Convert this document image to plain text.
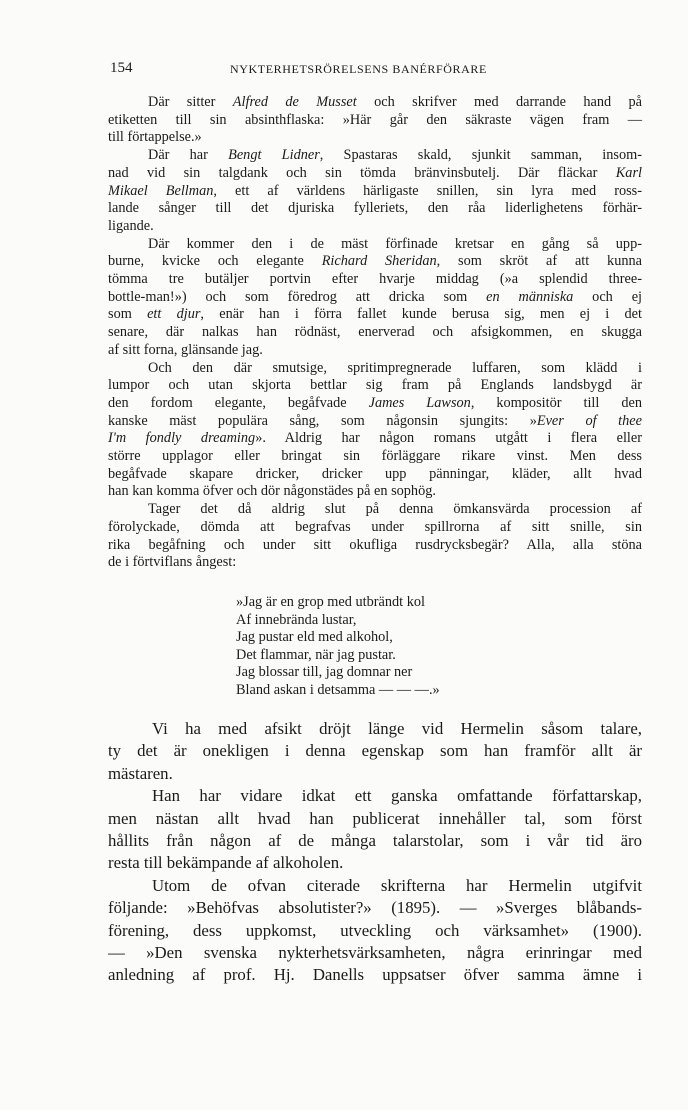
154	NYKTERHETSRÖRELSENS BANÉRFÖRARE
Där sitter Alfred de Musset och skrifver med darrande hand på
etiketten till sin absinthflaska: »Här går den säkraste vägen fram —
till förtappelse.»
Där har Bengt Lidner, Spastaras skald, sjunkit samman, insom-
nad vid sin talgdank och sin tömda bränvinsbutelj. Där fläckar Karl
Mikael Bellman, ett af världens härligaste snillen, sin lyra med ross-
lande sånger till det djuriska fylleriets, den råa liderlighetens förhär-
ligande.
Där kommer den i de mäst förfinade kretsar en gång så upp-
burne, kvicke och elegante Richard Sheridan, som skröt af att kunna
tömma tre butäljer portvin efter hvarje middag (»a splendid three-
bottle-man!») och som föredrog att dricka som en människa och ej
som ett djur, enär han i förra fallet kunde berusa sig, men ej i det
senare, där nalkas han rödnäst, enerverad och afsigkommen, en skugga
af sitt forna, glänsande jag.
Och den där smutsige, spritimpregnerade luffaren, som klädd i
lumpor och utan skjorta bettlar sig fram på Englands landsbygd är
den fordom elegante, begåfvade James Lawson, kompositör till den
kanske mäst populära sång, som någonsin sjungits: »Ever of thee
I'm fondly dreaming». Aldrig har någon romans utgått i flera eller
större upplagor eller bringat sin förläggare rikare vinst. Men dess
begåfvade skapare dricker, dricker upp pänningar, kläder, allt hvad
han kan komma öfver och dör någonstädes på en sophög.
Tager det då aldrig slut på denna ömkansvärda procession af
förolyckade, dömda att begrafvas under spillrorna af sitt snille, sin
rika begåfning och under sitt okufliga rusdrycksbegär? Alla, alla stöna
de i förtviflans ångest:
»Jag är en grop med utbrändt kol
Af innebrända lustar,
Jag pustar eld med alkohol,
Det flammar, när jag pustar.
Jag blossar till, jag domnar ner
Bland askan i detsamma — — —.»
Vi ha med afsikt dröjt länge vid Hermelin såsom talare,
ty det är onekligen i denna egenskap som han framför allt är
mästaren.
Han har vidare idkat ett ganska omfattande författarskap,
men nästan allt hvad han publicerat innehåller tal, som först
hållits från någon af de många talarstolar, som i vår tid äro
resta till bekämpande af alkoholen.
Utom de ofvan citerade skrifterna har Hermelin utgifvit
följande: »Behöfvas absolutister?» (1895). — »Sverges blåbands-
förening, dess uppkomst, utveckling och värksamhet» (1900).
— »Den svenska nykterhetsvärksamheten, några erinringar med
anledning af prof. Hj. Danells uppsatser öfver samma ämne i
